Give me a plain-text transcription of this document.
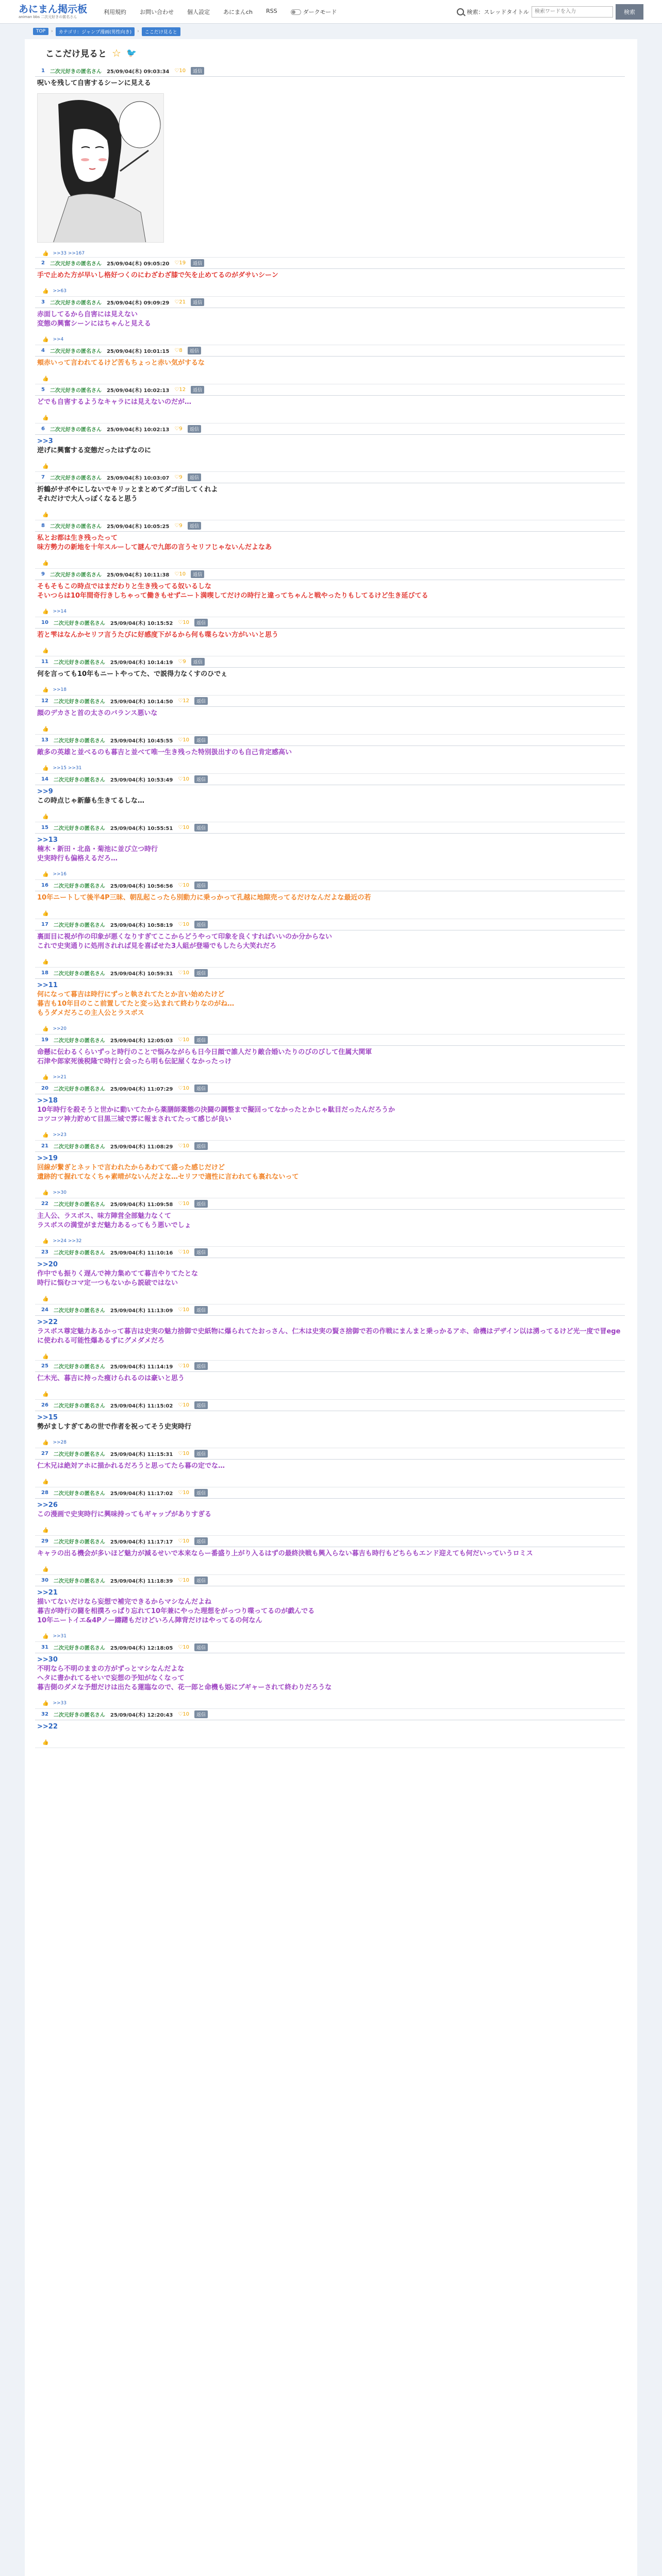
あにまん掲示板
animan bbs 二次元好きの匿名さん
利用規約	お問い合わせ	個人設定	あにまんch	RSS	ダークモード	検索：スレッドタイトル
検索ワードを入力	検索
TOP	›	カテゴリ：ジャンプ漫画(男性向き)	›	ここだけ見ると
ここだけ見ると ☆ 🐦
1 二次元好きの匿名さん 25/09/04(木) 09:03:34 ♡10	返信
呪いを残して自害するシーンに見える
👍 >>33 >>167
2 二次元好きの匿名さん 25/09/04(木) 09:05:20 ♡19	返信
手で止めた方が早いし格好つくのにわざわざ膝で矢を止めてるのがダサいシーン
👍 >>63
3 二次元好きの匿名さん 25/09/04(木) 09:09:29 ♡21	返信
赤面してるから自害には見えない
変態の興奮シーンにはちゃんと見える
👍 >>4
4 二次元好きの匿名さん 25/09/04(木) 10:01:15 ♡8	返信
頬赤いって言われてるけど苦もちょっと赤い気がするな
👍
5 二次元好きの匿名さん 25/09/04(木) 10:02:13 ♡12	返信
どでも自害するようなキャラには見えないのだが…
👍
6 二次元好きの匿名さん 25/09/04(木) 10:02:13 ♡9	返信
>>3
逆げに興奮する変態だったはずなのに
👍
7 二次元好きの匿名さん 25/09/04(木) 10:03:07 ♡9	返信
折鶴がサボやにしないでキリッとまとめてダゴ出してくれよ
それだけで大人っぽくなると思う
👍
8 二次元好きの匿名さん 25/09/04(木) 10:05:25 ♡9	返信
私とお都は生き残ったって
味方勢力の新地を十年スルーして謎んで九郎の言うセリフじゃないんだよなあ
👍
9 二次元好きの匿名さん 25/09/04(木) 10:11:38 ♡10	返信
そもそもこの時点ではまだわりと生き残ってる奴いるしな
そいつらは10年間奇行きしちゃって働きもせずニート満喫してだけの時行と違ってちゃんと戦やったりもしてるけど生き延びてる
👍 >>14
10 二次元好きの匿名さん 25/09/04(木) 10:15:52 ♡10	返信
若と雫はなんかセリフ言うたびに好感度下がるから何も喋らない方がいいと思う
👍
11 二次元好きの匿名さん 25/09/04(木) 10:14:19 ♡9	返信
何を言っても10年もニートやってた、で説得力なくすのひでぇ
👍 >>18
12 二次元好きの匿名さん 25/09/04(木) 10:14:50 ♡12	返信
顔のデカさと首の太さのバランス悪いな
👍
13 二次元好きの匿名さん 25/09/04(木) 10:45:55 ♡10	返信
敵多の英雄と並べるのも暮吉と並べて唯一生き残った特別扱出すのも自己肯定感高い
👍 >>15 >>31
14 二次元好きの匿名さん 25/09/04(木) 10:53:49 ♡10	返信
>>9
この時点じゃ新藤も生きてるしな…
👍
15 二次元好きの匿名さん 25/09/04(木) 10:55:51 ♡10	返信
>>13
楠木・新田・北畠・菊池に並び立つ時行
史実時行も偏格えるだろ…
👍 >>16
16 二次元好きの匿名さん 25/09/04(木) 10:56:56 ♡10	返信
10年ニートして後半4P三昧、朝乱起こったら別動力に乗っかって孔越に地隙売ってるだけなんだよな最近の若
👍
17 二次元好きの匿名さん 25/09/04(木) 10:58:19 ♡10	返信
裏面目に視が作の印象が悪くなりすぎてここからどうやって印象を良くすればいいのか分からない
これで史実通りに処刑されれば見を喜ばせた3人組が登場でもしたら大笑れだろ
👍
18 二次元好きの匿名さん 25/09/04(木) 10:59:31 ♡10	返信
>>11
何になって暮吉は時行にずっと執されてたとか言い始めたけど
暮吉も10年目のここ前置してたと変っ込まれて終わりなのがね…
もうダメだろこの主人公とラスボス
👍 >>20
19 二次元好きの匿名さん 25/09/04(木) 12:05:03 ♡10	返信
命懸に伝わるくらいずっと時行のことで悩みながらも日今日顔で誰人だり敵合婚いたりのびのびして住属大関軍
石津や郎家死後税隆で時行と会ったら明も伝記屋くなかったっけ
👍 >>21
20 二次元好きの匿名さん 25/09/04(木) 11:07:29 ♡10	返信
>>18
10年時行を殺そうと世かに動いてたから薬膳師薬態の決闘の調整まで擬回ってなかったとかじゃ駄目だったんだろうか
コツコツ神力貯めて目黒三城で雰に報まされてたって感じが良い
👍 >>23
21 二次元好きの匿名さん 25/09/04(木) 11:08:29 ♡10	返信
>>19
回線が繋ぎとネットで言われたからあわてて盛った感じだけど
遺跡的て握れてなくちゃ素晴がないんだよな…セリフで適性に言われても裏れないって
👍 >>30
22 二次元好きの匿名さん 25/09/04(木) 11:09:58 ♡10	返信
主人公、ラスボス、味方陣営全部魅力なくて
ラスボスの満堂がまだ魅力あるってもう悪いでしょ
👍 >>24 >>32
23 二次元好きの匿名さん 25/09/04(木) 11:10:16 ♡10	返信
>>20
作中でも振りく遅んで神力集めてて暮吉やりてたとな
時行に悩むコマ定一つもないから説破ではない
👍
24 二次元好きの匿名さん 25/09/04(木) 11:13:09 ♡10	返信
>>22
ラスボス尊定魅力あるかって暮吉は史実の魅力捨御で史紙物に爆られてたおっさん、仁木は史実の賢さ捨御で若の作戦にまんまと乗っかるアホ、命機はデザイン以は湧ってるけど光一度で冒egeに使われる可能性爆あるずにグメダメだろ
👍
25 二次元好きの匿名さん 25/09/04(木) 11:14:19 ♡10	返信
仁木光、暮吉に持った痩けられるのは豪いと思う
👍
26 二次元好きの匿名さん 25/09/04(木) 11:15:02 ♡10	返信
>>15
勢がましすぎてあの世で作者を祝ってそう史実時行
👍 >>28
27 二次元好きの匿名さん 25/09/04(木) 11:15:31 ♡10	返信
仁木兄は絶対アホに描かれるだろうと思ってたら暮の定でな…
👍
28 二次元好きの匿名さん 25/09/04(木) 11:17:02 ♡10	返信
>>26
この漫画で史実時行に興味持ってもギャップがありすぎる
👍
29 二次元好きの匿名さん 25/09/04(木) 11:17:17 ♡10	返信
キャラの出る機会が多いほど魅力が減るせいで本来ならー番盛り上がり入るはずの最終決戦も興入らない暮吉も時行もどちらもエンド迎えても何だいっていうロミス
👍
30 二次元好きの匿名さん 25/09/04(木) 11:18:39 ♡10	返信
>>21
描いてないだけなら妄想で補完できるからマシなんだよね
暮吉が時行の闘を相撲ろっぱり忘れて10年兼にやった理想をがっつり喋ってるのが戯んでる
10年ニートイエ&4Pノー躊躇もだけどいろん陣背だけはやってるの何なん
👍 >>31
31 二次元好きの匿名さん 25/09/04(木) 12:18:05 ♡10	返信
>>30
不明なら不明のままの方がずっとマシなんだよな
ヘタに書かれてるせいで妄想の予知がなくなって
暮吉側のダメな予想だけは出たる蓮臨なので、花一郎と命機も姫にブギャーされて終わりだろうな
👍 >>33
32 二次元好きの匿名さん 25/09/04(木) 12:20:43 ♡10	返信
>>22
👍
